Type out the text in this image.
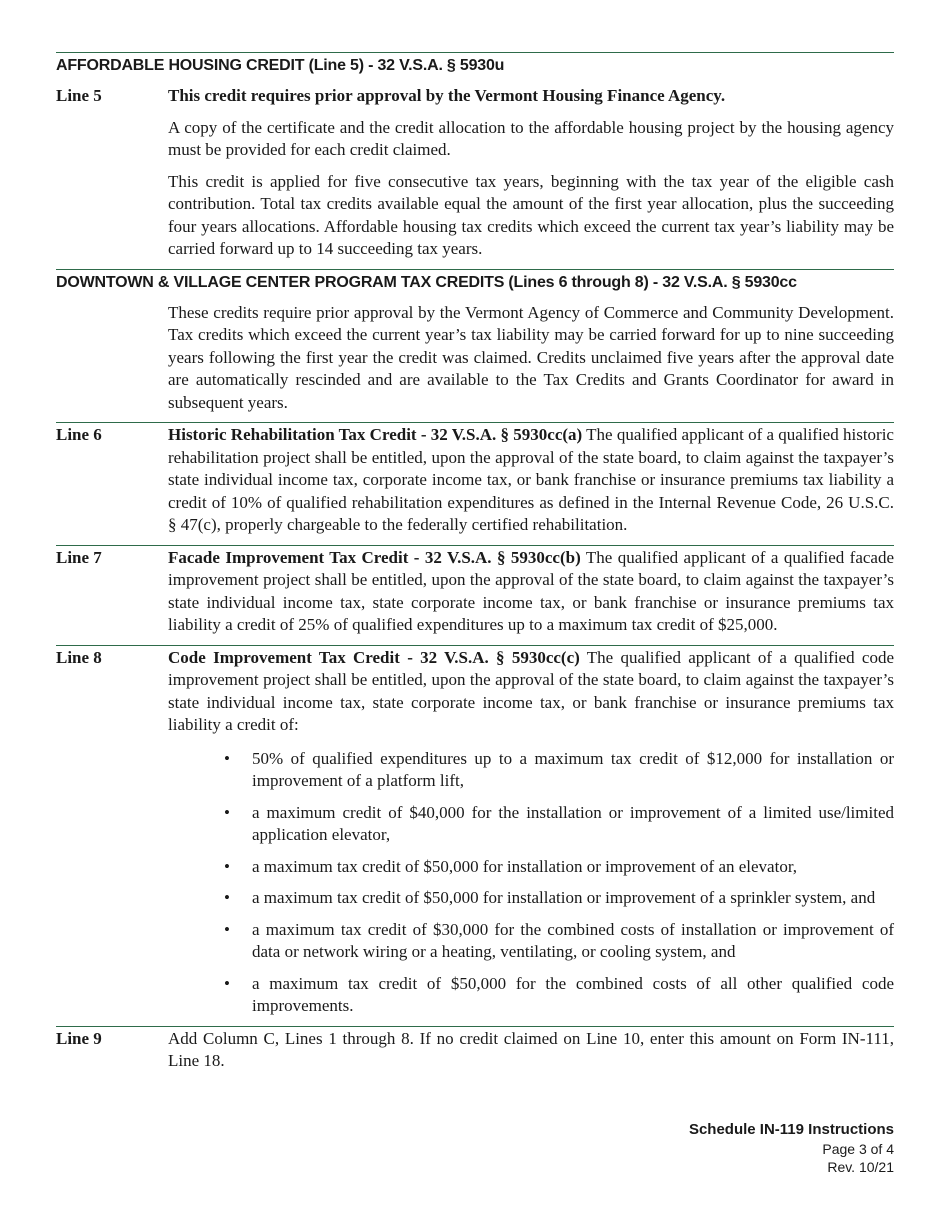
AFFORDABLE HOUSING CREDIT (Line 5) - 32 V.S.A. § 5930u
Line 5	This credit requires prior approval by the Vermont Housing Finance Agency.

A copy of the certificate and the credit allocation to the affordable housing project by the housing agency must be provided for each credit claimed.

This credit is applied for five consecutive tax years, beginning with the tax year of the eligible cash contribution. Total tax credits available equal the amount of the first year allocation, plus the succeeding four years allocations. Affordable housing tax credits which exceed the current tax year’s liability may be carried forward up to 14 succeeding tax years.

DOWNTOWN & VILLAGE CENTER PROGRAM TAX CREDITS (Lines 6 through 8) - 32 V.S.A. § 5930cc

These credits require prior approval by the Vermont Agency of Commerce and Community Development. Tax credits which exceed the current year’s tax liability may be carried forward for up to nine succeeding years following the first year the credit was claimed. Credits unclaimed five years after the approval date are automatically rescinded and are available to the Tax Credits and Grants Coordinator for award in subsequent years.

Line 6	Historic Rehabilitation Tax Credit - 32 V.S.A. § 5930cc(a) The qualified applicant of a qualified historic rehabilitation project shall be entitled, upon the approval of the state board, to claim against the taxpayer’s state individual income tax, corporate income tax, or bank franchise or insurance premiums tax liability a credit of 10% of qualified rehabilitation expenditures as defined in the Internal Revenue Code, 26 U.S.C. § 47(c), properly chargeable to the federally certified rehabilitation.

Line 7	Facade Improvement Tax Credit - 32 V.S.A. § 5930cc(b) The qualified applicant of a qualified facade improvement project shall be entitled, upon the approval of the state board, to claim against the taxpayer’s state individual income tax, state corporate income tax, or bank franchise or insurance premiums tax liability a credit of 25% of qualified expenditures up to a maximum tax credit of $25,000.

Line 8	Code Improvement Tax Credit - 32 V.S.A. § 5930cc(c) The qualified applicant of a qualified code improvement project shall be entitled, upon the approval of the state board, to claim against the taxpayer’s state individual income tax, state corporate income tax, or bank franchise or insurance premiums tax liability a credit of:

• 50% of qualified expenditures up to a maximum tax credit of $12,000 for installation or improvement of a platform lift,
• a maximum credit of $40,000 for the installation or improvement of a limited use/limited application elevator,
• a maximum tax credit of $50,000 for installation or improvement of an elevator,
• a maximum tax credit of $50,000 for installation or improvement of a sprinkler system, and
• a maximum tax credit of $30,000 for the combined costs of installation or improvement of data or network wiring or a heating, ventilating, or cooling system, and
• a maximum tax credit of $50,000 for the combined costs of all other qualified code improvements.
Line 9	Add Column C, Lines 1 through 8. If no credit claimed on Line 10, enter this amount on Form IN-111, Line 18.

Schedule IN-119 Instructions
Page 3 of 4
Rev. 10/21
